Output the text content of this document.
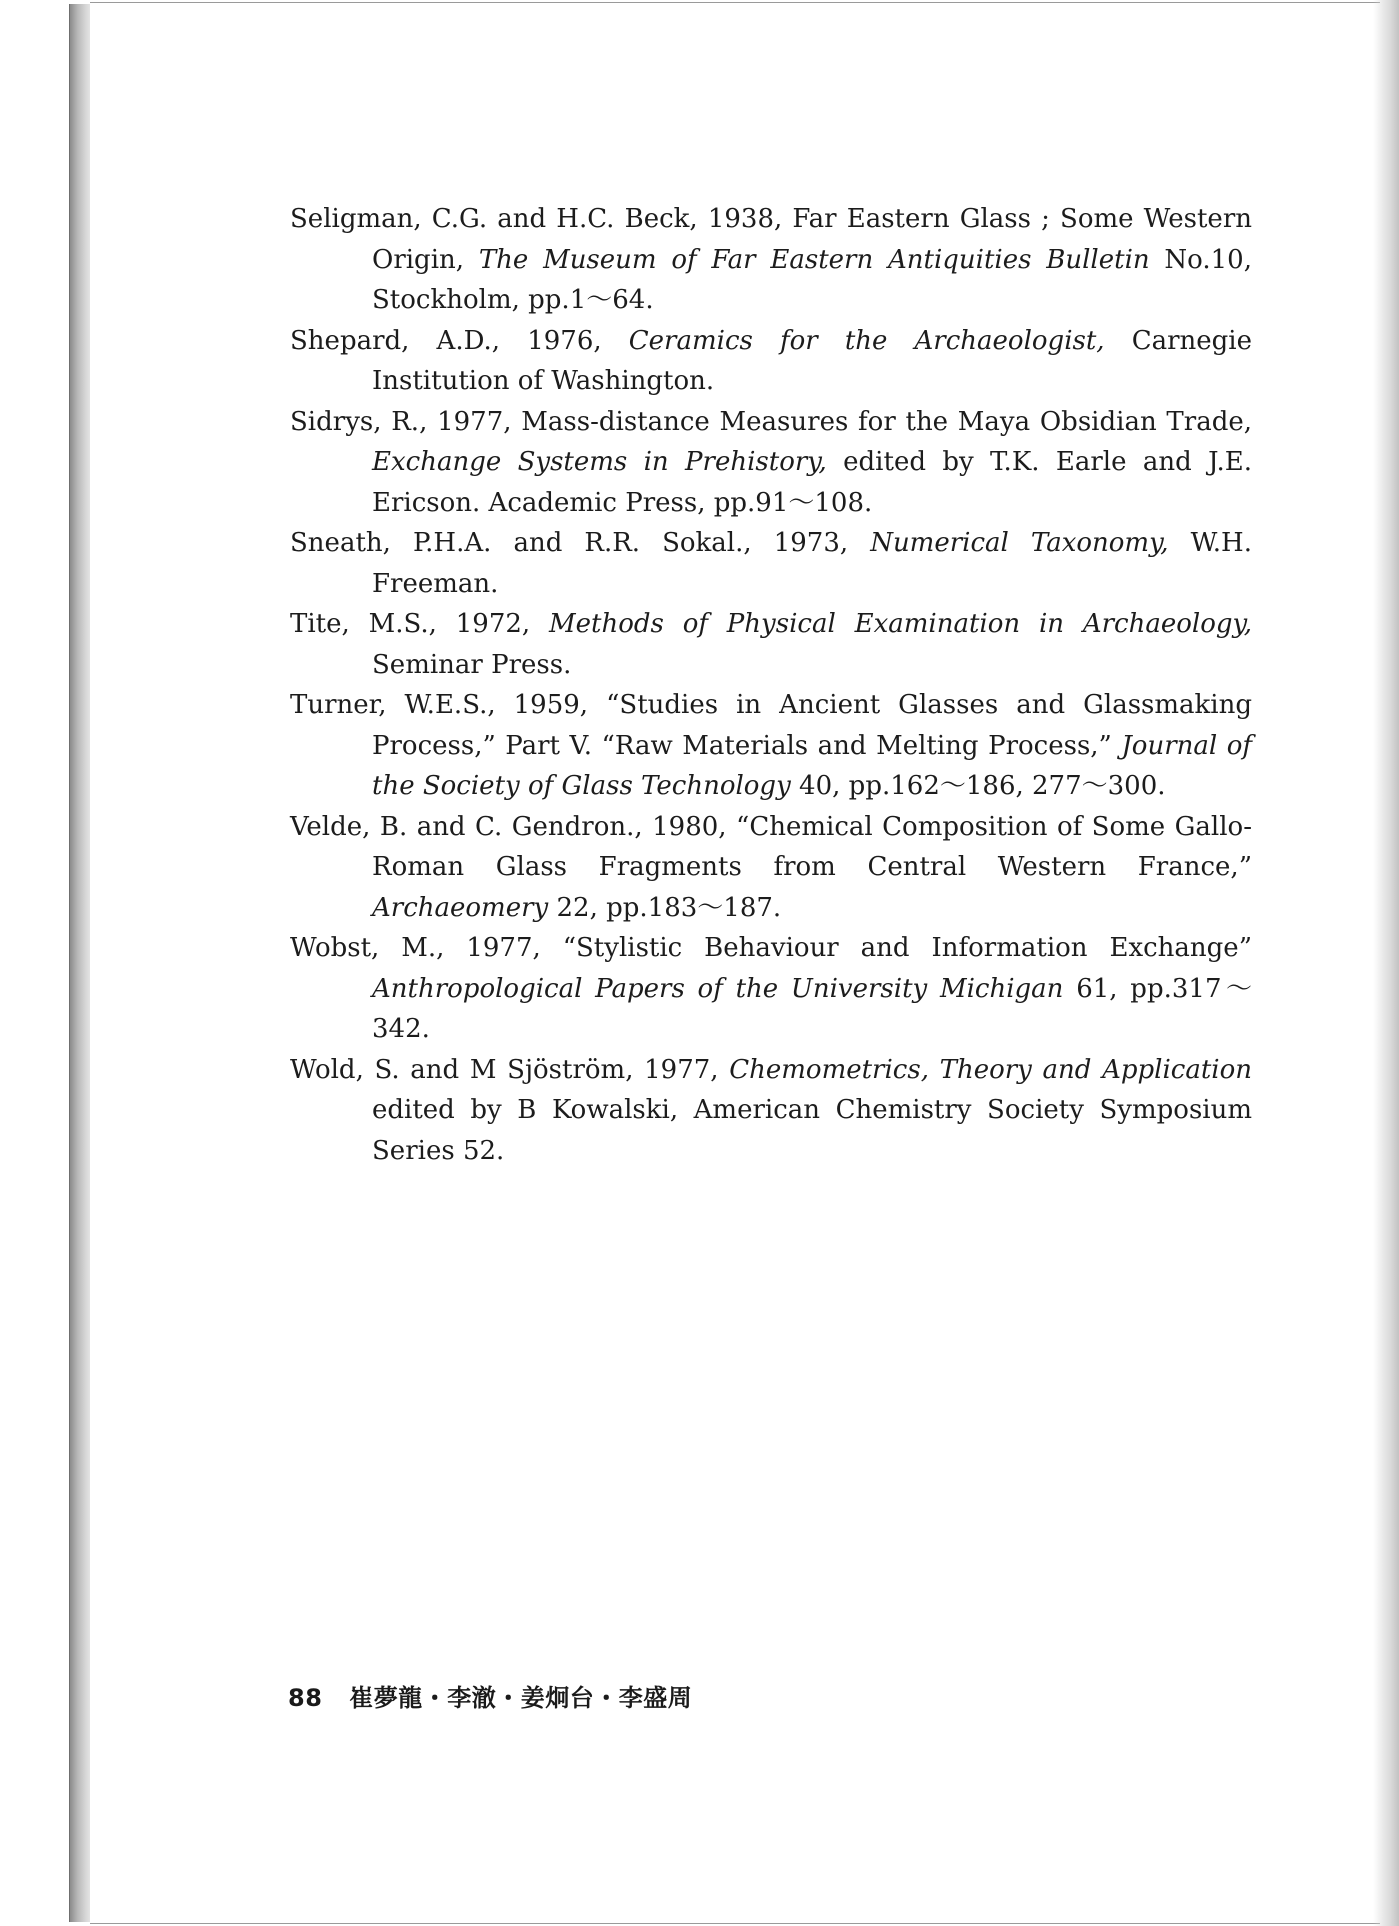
Seligman, C.G. and H.C. Beck, 1938, Far Eastern Glass ; Some Western Origin, The Museum of Far Eastern Antiquities Bulletin No.10, Stockholm, pp.1～64.
Shepard, A.D., 1976, Ceramics for the Archaeologist, Carnegie Institution of Washington.
Sidrys, R., 1977, Mass-distance Measures for the Maya Obsidian Trade, Exchange Systems in Prehistory, edited by T.K. Earle and J.E. Ericson. Academic Press, pp.91～108.
Sneath, P.H.A. and R.R. Sokal., 1973, Numerical Taxonomy, W.H. Freeman.
Tite, M.S., 1972, Methods of Physical Examination in Archaeology, Seminar Press.
Turner, W.E.S., 1959, “Studies in Ancient Glasses and Glassmaking Process,” Part V. “Raw Materials and Melting Process,” Journal of the Society of Glass Technology 40, pp.162～186, 277～300.
Velde, B. and C. Gendron., 1980, “Chemical Composition of Some Gallo-Roman Glass Fragments from Central Western France,” Archaeomery 22, pp.183～187.
Wobst, M., 1977, “Stylistic Behaviour and Information Exchange” Anthropological Papers of the University Michigan 61, pp.317～342.
Wold, S. and M Sjöström, 1977, Chemometrics, Theory and Application edited by B Kowalski, American Chemistry Society Symposium Series 52.
88 崔夢龍・李澈・姜炯台・李盛周
